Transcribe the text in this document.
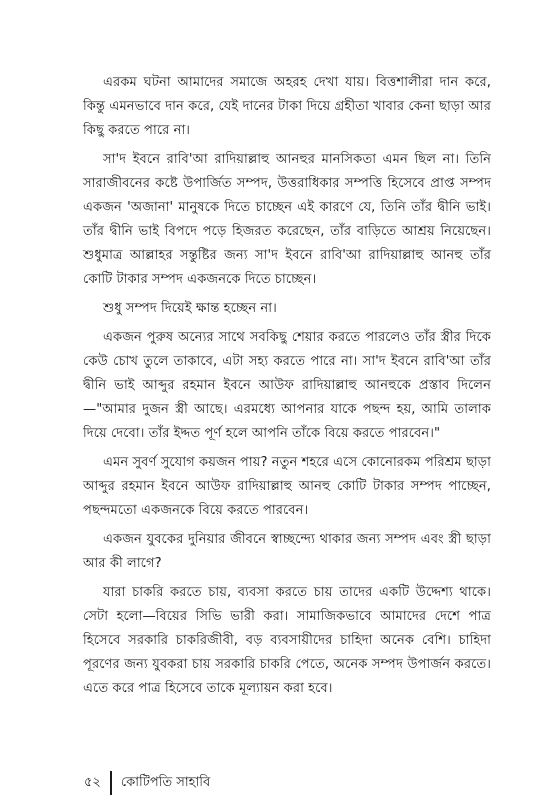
এরকম ঘটনা আমাদের সমাজে অহরহ দেখা যায়। বিত্তশালীরা দান করে, কিন্তু এমনভাবে দান করে, যেই দানের টাকা দিয়ে গ্রহীতা খাবার কেনা ছাড়া আর কিছু করতে পারে না।

সা'দ ইবনে রাবি'আ রাদিয়াল্লাহু আনহুর মানসিকতা এমন ছিল না। তিনি সারাজীবনের কষ্টে উপার্জিত সম্পদ, উত্তরাধিকার সম্পত্তি হিসেবে প্রাপ্ত সম্পদ একজন 'অজানা' মানুষকে দিতে চাচ্ছেন এই কারণে যে, তিনি তাঁর দ্বীনি ভাই। তাঁর দ্বীনি ভাই বিপদে পড়ে হিজরত করেছেন, তাঁর বাড়িতে আশ্রয় নিয়েছেন। শুধুমাত্র আল্লাহর সন্তুষ্টির জন্য সা'দ ইবনে রাবি'আ রাদিয়াল্লাহু আনহু তাঁর কোটি টাকার সম্পদ একজনকে দিতে চাচ্ছেন।

শুধু সম্পদ দিয়েই ক্ষান্ত হচ্ছেন না।

একজন পুরুষ অন্যের সাথে সবকিছু শেয়ার করতে পারলেও তাঁর স্ত্রীর দিকে কেউ চোখ তুলে তাকাবে, এটা সহ্য করতে পারে না। সা'দ ইবনে রাবি'আ তাঁর দ্বীনি ভাই আব্দুর রহমান ইবনে আউফ রাদিয়াল্লাহু আনহুকে প্রস্তাব দিলেন—"আমার দুজন স্ত্রী আছে। এরমধ্যে আপনার যাকে পছন্দ হয়, আমি তালাক দিয়ে দেবো। তাঁর ইদ্দত পূর্ণ হলে আপনি তাঁকে বিয়ে করতে পারবেন।"

এমন সুবর্ণ সুযোগ কয়জন পায়? নতুন শহরে এসে কোনোরকম পরিশ্রম ছাড়া আব্দুর রহমান ইবনে আউফ রাদিয়াল্লাহু আনহু কোটি টাকার সম্পদ পাচ্ছেন, পছন্দমতো একজনকে বিয়ে করতে পারবেন।

একজন যুবকের দুনিয়ার জীবনে স্বাচ্ছন্দ্যে থাকার জন্য সম্পদ এবং স্ত্রী ছাড়া আর কী লাগে?

যারা চাকরি করতে চায়, ব্যবসা করতে চায় তাদের একটি উদ্দেশ্য থাকে। সেটা হলো—বিয়ের সিভি ভারী করা। সামাজিকভাবে আমাদের দেশে পাত্র হিসেবে সরকারি চাকরিজীবী, বড় ব্যবসায়ীদের চাহিদা অনেক বেশি। চাহিদা পূরণের জন্য যুবকরা চায় সরকারি চাকরি পেতে, অনেক সম্পদ উপার্জন করতে। এতে করে পাত্র হিসেবে তাকে মূল্যায়ন করা হবে।

৫২	কোটিপতি সাহাবি
